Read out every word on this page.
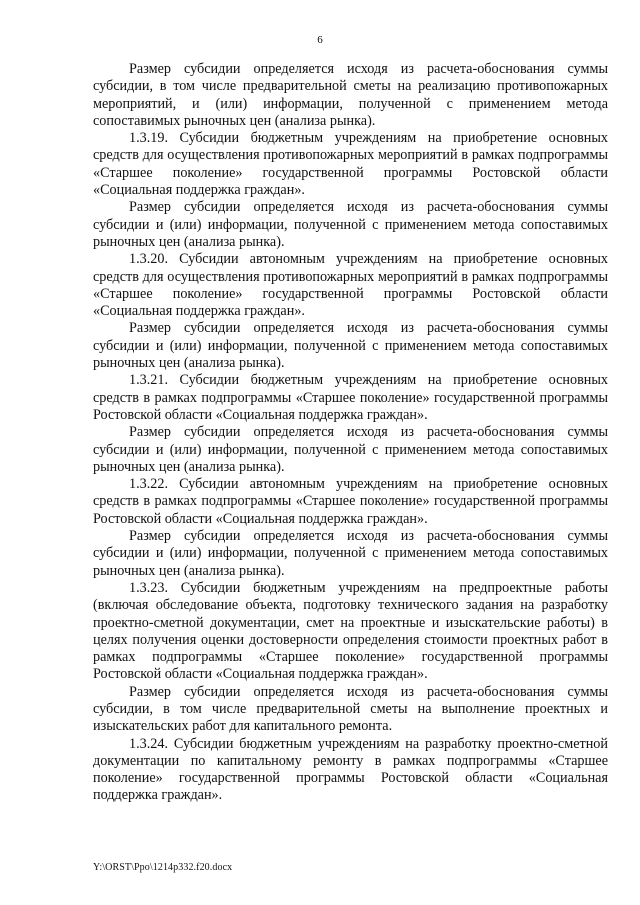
6

Размер субсидии определяется исходя из расчета-обоснования суммы субсидии, в том числе предварительной сметы на реализацию противопожарных мероприятий, и (или) информации, полученной с применением метода сопоставимых рыночных цен (анализа рынка).

1.3.19. Субсидии бюджетным учреждениям на приобретение основных средств для осуществления противопожарных мероприятий в рамках подпрограммы «Старшее поколение» государственной программы Ростовской области «Социальная поддержка граждан».

Размер субсидии определяется исходя из расчета-обоснования суммы субсидии и (или) информации, полученной с применением метода сопоставимых рыночных цен (анализа рынка).

1.3.20. Субсидии автономным учреждениям на приобретение основных средств для осуществления противопожарных мероприятий в рамках подпрограммы «Старшее поколение» государственной программы Ростовской области «Социальная поддержка граждан».

Размер субсидии определяется исходя из расчета-обоснования суммы субсидии и (или) информации, полученной с применением метода сопоставимых рыночных цен (анализа рынка).

1.3.21. Субсидии бюджетным учреждениям на приобретение основных средств в рамках подпрограммы «Старшее поколение» государственной программы Ростовской области «Социальная поддержка граждан».

Размер субсидии определяется исходя из расчета-обоснования суммы субсидии и (или) информации, полученной с применением метода сопоставимых рыночных цен (анализа рынка).

1.3.22. Субсидии автономным учреждениям на приобретение основных средств в рамках подпрограммы «Старшее поколение» государственной программы Ростовской области «Социальная поддержка граждан».

Размер субсидии определяется исходя из расчета-обоснования суммы субсидии и (или) информации, полученной с применением метода сопоставимых рыночных цен (анализа рынка).

1.3.23. Субсидии бюджетным учреждениям на предпроектные работы (включая обследование объекта, подготовку технического задания на разработку проектно-сметной документации, смет на проектные и изыскательские работы) в целях получения оценки достоверности определения стоимости проектных работ в рамках подпрограммы «Старшее поколение» государственной программы Ростовской области «Социальная поддержка граждан».

Размер субсидии определяется исходя из расчета-обоснования суммы субсидии, в том числе предварительной сметы на выполнение проектных и изыскательских работ для капитального ремонта.

1.3.24. Субсидии бюджетным учреждениям на разработку проектно-сметной документации по капитальному ремонту в рамках подпрограммы «Старшее поколение» государственной программы Ростовской области «Социальная поддержка граждан».

Y:\ORST\Ppo\1214p332.f20.docx
